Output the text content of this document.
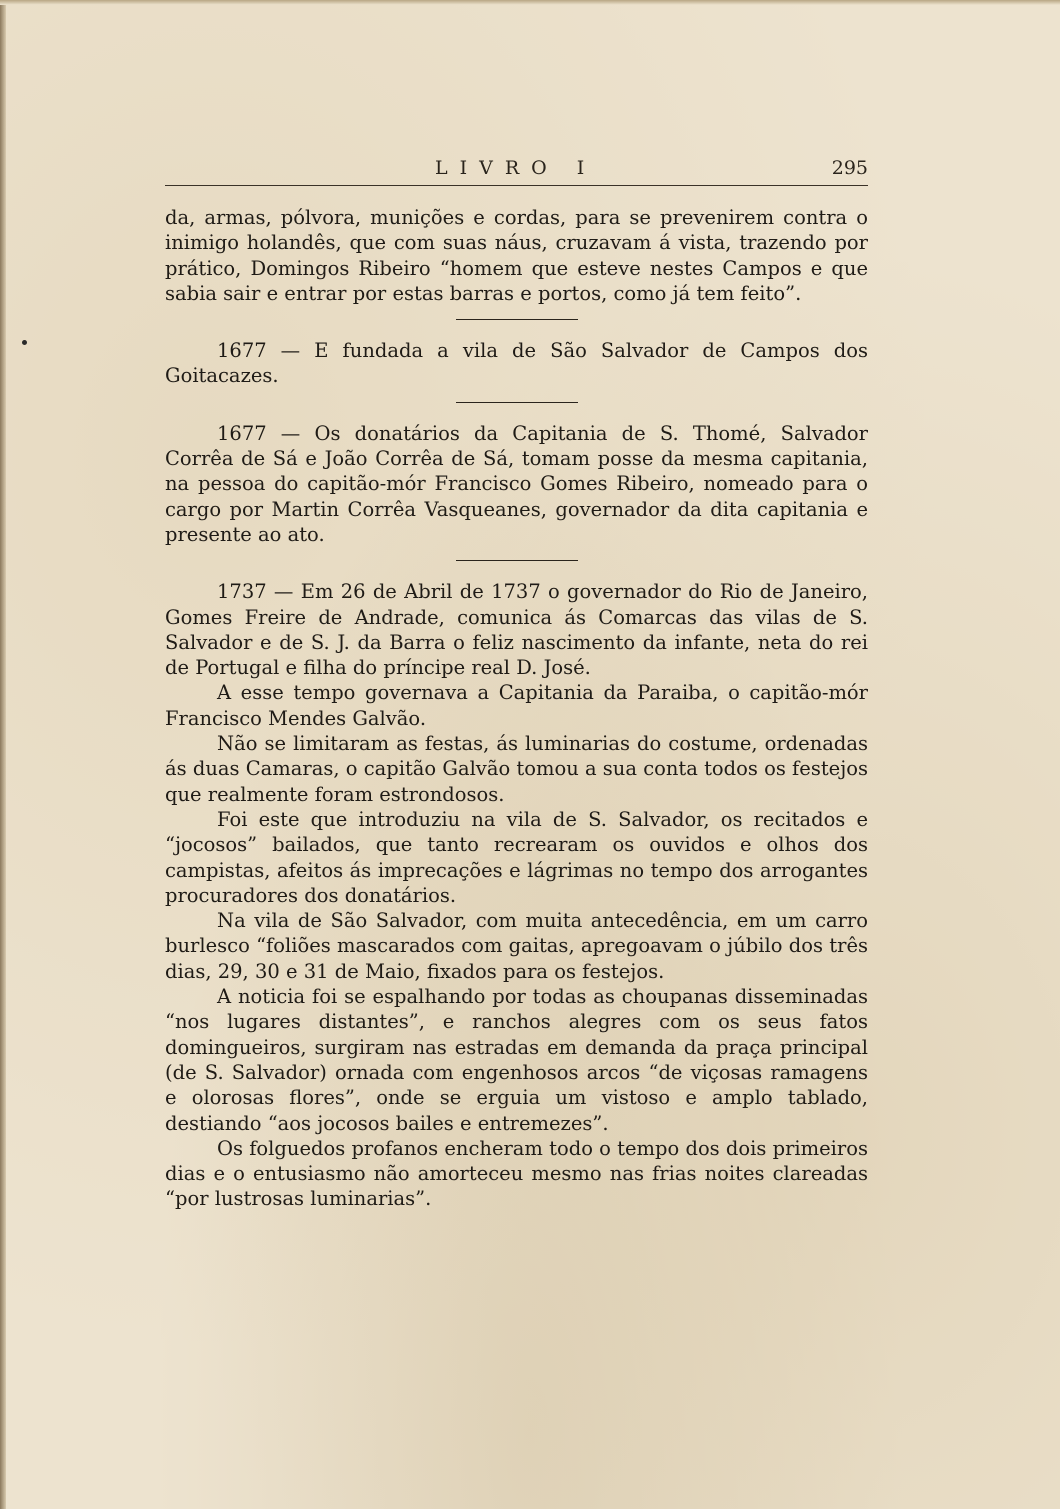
LIVRO I	295

da, armas, pólvora, munições e cordas, para se prevenirem contra o inimigo holandês, que com suas náus, cruzavam á vista, trazendo por prático, Domingos Ribeiro “homem que esteve nestes Campos e que sabia sair e entrar por estas barras e portos, como já tem feito”.

1677 — E fundada a vila de São Salvador de Campos dos Goitacazes.

1677 — Os donatários da Capitania de S. Thomé, Salvador Corrêa de Sá e João Corrêa de Sá, tomam posse da mesma capitania, na pessoa do capitão-mór Francisco Gomes Ribeiro, nomeado para o cargo por Martin Corrêa Vasqueanes, governador da dita capitania e presente ao ato.

1737 — Em 26 de Abril de 1737 o governador do Rio de Janeiro, Gomes Freire de Andrade, comunica ás Comarcas das vilas de S. Salvador e de S. J. da Barra o feliz nascimento da infante, neta do rei de Portugal e filha do príncipe real D. José.

A esse tempo governava a Capitania da Paraiba, o capitão-mór Francisco Mendes Galvão.

Não se limitaram as festas, ás luminarias do costume, ordenadas ás duas Camaras, o capitão Galvão tomou a sua conta todos os festejos que realmente foram estrondosos.

Foi este que introduziu na vila de S. Salvador, os recitados e “jocosos” bailados, que tanto recrearam os ouvidos e olhos dos campistas, afeitos ás imprecações e lágrimas no tempo dos arrogantes procuradores dos donatários.

Na vila de São Salvador, com muita antecedência, em um carro burlesco “foliões mascarados com gaitas, apregoavam o júbilo dos três dias, 29, 30 e 31 de Maio, fixados para os festejos.

A noticia foi se espalhando por todas as choupanas disseminadas “nos lugares distantes”, e ranchos alegres com os seus fatos domingueiros, surgiram nas estradas em demanda da praça principal (de S. Salvador) ornada com engenhosos arcos “de viçosas ramagens e olorosas flores”, onde se erguia um vistoso e amplo tablado, destiando “aos jocosos bailes e entremezes”.

Os folguedos profanos encheram todo o tempo dos dois primeiros dias e o entusiasmo não amorteceu mesmo nas frias noites clareadas “por lustrosas luminarias”.
